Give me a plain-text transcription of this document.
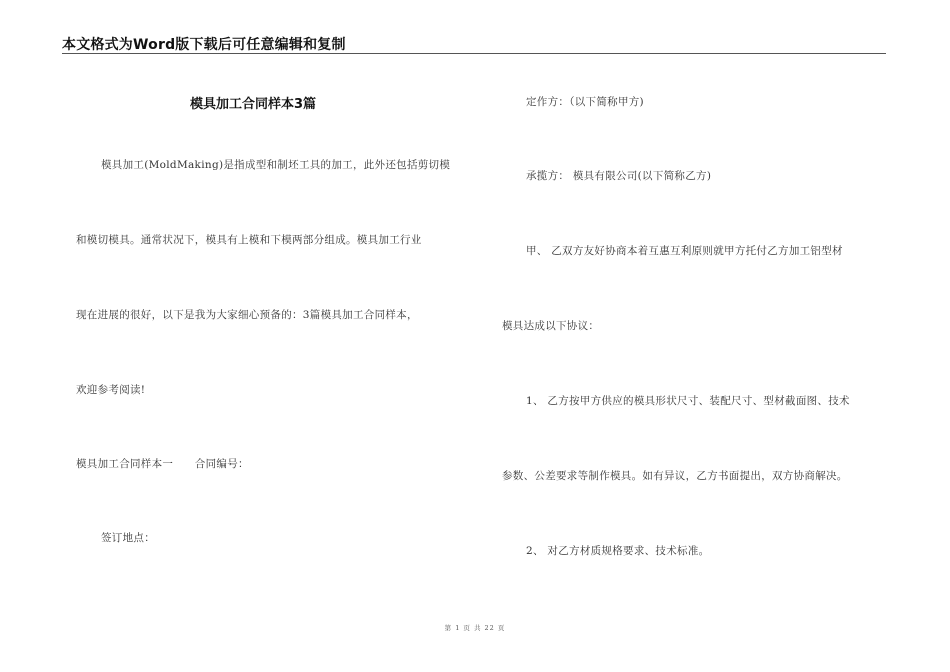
本文格式为Word版下载后可任意编辑和复制
模具加工合同样本3篇
模具加工(MoldMaking)是指成型和制坯工具的加工，此外还包括剪切模
和模切模具。通常状况下，模具有上模和下模两部分组成。模具加工行业
现在进展的很好，以下是我为大家细心预备的：3篇模具加工合同样本，
欢迎参考阅读!
模具加工合同样本一　　合同编号：
签订地点：
定作方：（以下简称甲方)
承揽方： 模具有限公司(以下简称乙方)
甲、 乙双方友好协商本着互惠互利原则就甲方托付乙方加工铝型材
模具达成以下协议：
1、 乙方按甲方供应的模具形状尺寸、装配尺寸、型材截面图、技术
参数、公差要求等制作模具。如有异议，乙方书面提出，双方协商解决。
2、 对乙方材质规格要求、技术标准。
第 1 页 共 22 页
